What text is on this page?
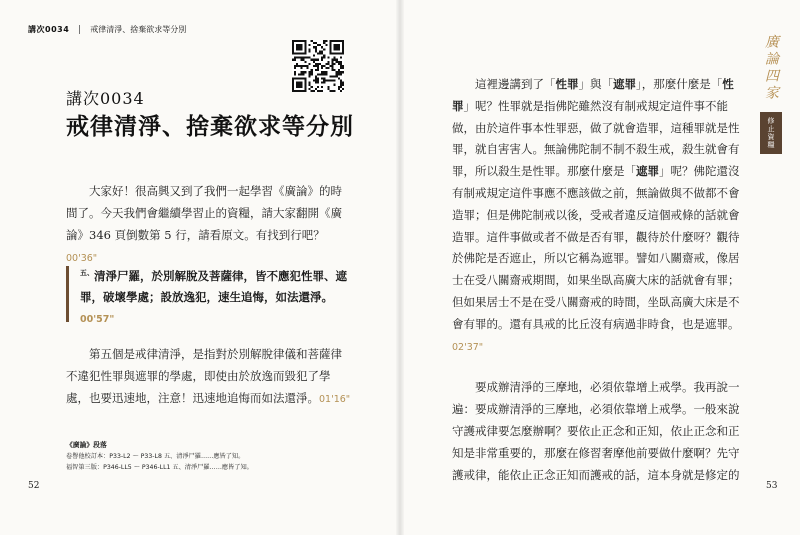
講次0034	戒律清淨、捨棄欲求等分別
講次0034
戒律清淨、捨棄欲求等分別
大家好！很高興又到了我們一起學習《廣論》的時間了。今天我們會繼續學習止的資糧，請大家翻開《廣論》346 頁倒數第 5 行，請看原文。有找到行吧？00'36"
$^{五、}$清淨尸羅，於別解脫及菩薩律，皆不應犯性罪、遮罪，破壞學處；設放逸犯，速生追悔，如法還淨。00'57"
第五個是戒律清淨，是指對於別解脫律儀和菩薩律不違犯性罪與遮罪的學處，即使由於放逸而毀犯了學處，也要迅速地，注意！迅速地追悔而如法還淨。01'16"
《廣論》段落
卷譽他校訂本：P33-L2 ～ P33-L8 五、清淨尸羅……應皆了知。
福智第三版：P346-LL5 ～ P346-LL1 五、清淨尸羅……應皆了知。
52

這裡邊講到了「性罪」與「遮罪」，那麼什麼是「性罪」呢？性罪就是指佛陀雖然沒有制戒規定這件事不能做，由於這件事本性罪惡，做了就會造罪，這種罪就是性罪，就自害害人。無論佛陀制不制不殺生戒，殺生就會有罪，所以殺生是性罪。那麼什麼是「遮罪」呢？佛陀還沒有制戒規定這件事應不應該做之前，無論做與不做都不會造罪；但是佛陀制戒以後，受戒者違反這個戒條的話就會造罪。這件事做或者不做是否有罪，觀待於什麼呀？觀待於佛陀是否遮止，所以它稱為遮罪。譬如八關齋戒，像居士在受八關齋戒期間，如果坐臥高廣大床的話就會有罪；但如果居士不是在受八關齋戒的時間，坐臥高廣大床是不會有罪的。還有具戒的比丘沒有病過非時食，也是遮罪。02'37"

要成辦清淨的三摩地，必須依靠增上戒學。我再說一遍：要成辦清淨的三摩地，必須依靠增上戒學。一般來說守護戒律要怎麼辦啊？要依止正念和正知，依止正念和正知是非常重要的，那麼在修習奢摩他前要做什麼啊？先守護戒律，能依止正念正知而護戒的話，這本身就是修定的

廣論四家
修止資糧
53
